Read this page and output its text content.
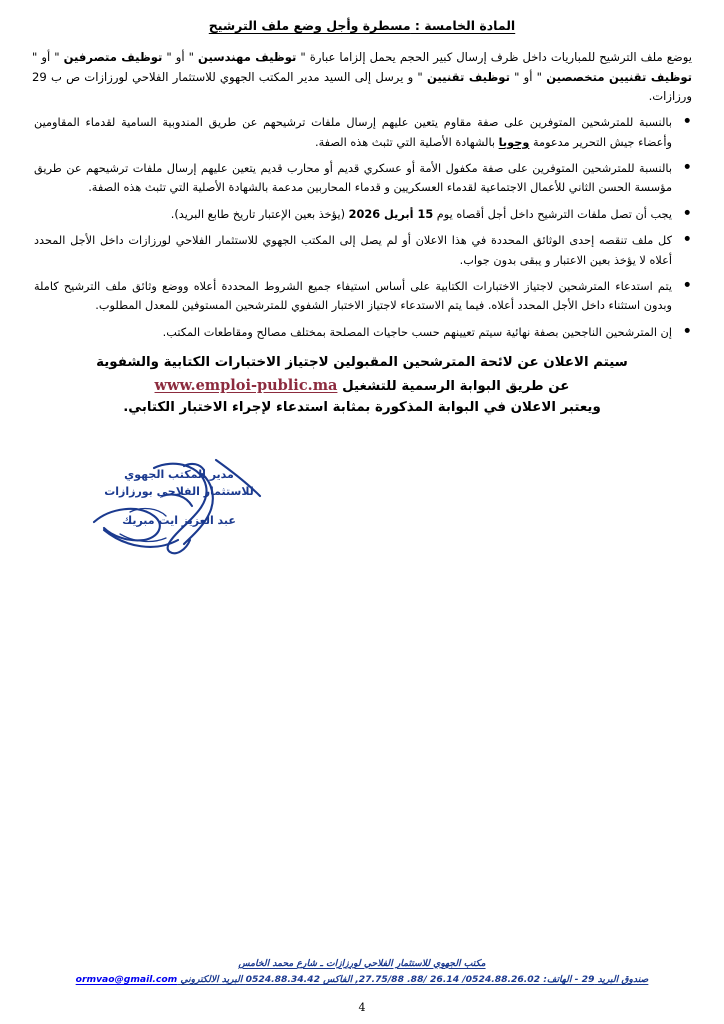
المادة الخامسة : مسطرة وأجل وضع ملف الترشيح

يوضع ملف الترشيح للمباريات داخل ظرف إرسال كبير الحجم يحمل إلزاما عبارة " توظيف مهندسين " أو " توظيف متصرفين " أو " توظيف تقنيين متخصصين " أو " توظيف تقنيين " و يرسل إلى السيد مدير المكتب الجهوي للاستثمار الفلاحي لورزازات ص ب 29 ورزازات.

● بالنسبة للمترشحين المتوفرين على صفة مقاوم يتعين عليهم إرسال ملفات ترشيحهم عن طريق المندوبية السامية لقدماء المقاومين وأعضاء جيش التحرير مدعومة وجوبا بالشهادة الأصلية التي تثبث هذه الصفة.
● بالنسبة للمترشحين المتوفرين على صفة مكفول الأمة أو عسكري قديم أو محارب قديم يتعين عليهم إرسال ملفات ترشيحهم عن طريق مؤسسة الحسن الثاني للأعمال الاجتماعية لقدماء العسكريين و قدماء المحاربين مدعمة بالشهادة الأصلية التي تثبث هذه الصفة.
● يجب أن تصل ملفات الترشيح داخل أجل أقصاه يوم 15 أبريل 2026 (يؤخذ بعين الإعتبار تاريخ طابع البريد).
● كل ملف تنقصه إحدى الوثائق المحددة في هذا الاعلان أو لم يصل إلى المكتب الجهوي للاستثمار الفلاحي لورزازات داخل الأجل المحدد أعلاه لا يؤخذ بعين الاعتبار و يبقى بدون جواب.
● يتم استدعاء المترشحين لاجتياز الاختبارات الكتابية على أساس استيفاء جميع الشروط المحددة أعلاه ووضع وثائق ملف الترشيح كاملة وبدون استثناء داخل الأجل المحدد أعلاه. فيما يتم الاستدعاء لاجتياز الاختبار الشفوي للمترشحين المستوفين للمعدل المطلوب.
● إن المترشحين الناجحين بصفة نهائية سيتم تعيينهم حسب حاجيات المصلحة بمختلف مصالح ومقاطعات المكتب.
سيتم الاعلان عن لائحة المترشحين المقبولين لاجتياز الاختبارات الكتابية والشفوية
عن طريق البوابة الرسمية للتشغيل www.emploi-public.ma
ويعتبر الاعلان في البوابة المذكورة بمثابة استدعاء لإجراء الاختبار الكتابي.
مدير المكتب الجهوي
للاستثمار الفلاحي بورزازات
عبد العزيز ايت مبريك
مكتب الجهوي للاستثمار الفلاحي لورزازات ـ شارع محمد الخامس
صندوق البريد 29 - الهاتف: 0524.88.26.02/ 26.14 /88. 27.75/88, الفاكس 0524.88.34.42 البريد الالكتروني ormvao@gmail.com
4
